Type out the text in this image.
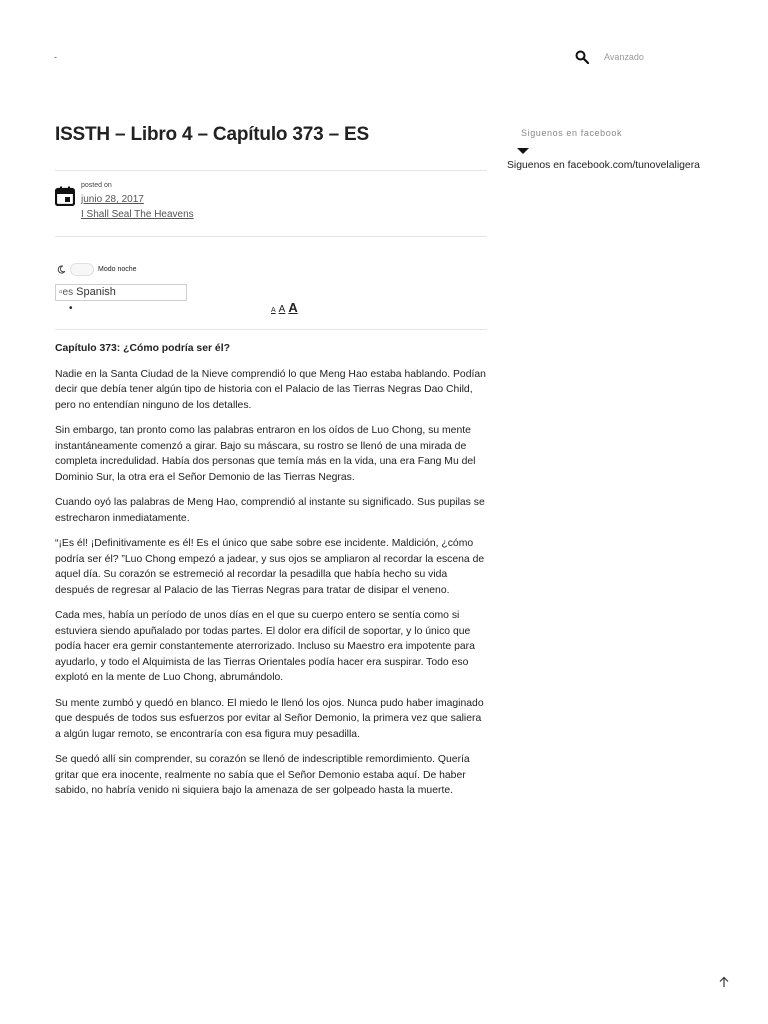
-	Avanzado
ISSTH – Libro 4 – Capítulo 373 – ES
posted on
junio 28, 2017
I Shall Seal The Heavens
Modo noche
▫es Spanish
•	A A A
Capítulo 373: ¿Cómo podría ser él?

Nadie en la Santa Ciudad de la Nieve comprendió lo que Meng Hao estaba hablando. Podían decir que debía tener algún tipo de historia con el Palacio de las Tierras Negras Dao Child, pero no entendían ninguno de los detalles.

Sin embargo, tan pronto como las palabras entraron en los oídos de Luo Chong, su mente instantáneamente comenzó a girar. Bajo su máscara, su rostro se llenó de una mirada de completa incredulidad. Había dos personas que temía más en la vida, una era Fang Mu del Dominio Sur, la otra era el Señor Demonio de las Tierras Negras.

Cuando oyó las palabras de Meng Hao, comprendió al instante su significado. Sus pupilas se estrecharon inmediatamente.

“¡Es él! ¡Definitivamente es él! Es el único que sabe sobre ese incidente. Maldición, ¿cómo podría ser él? ”Luo Chong empezó a jadear, y sus ojos se ampliaron al recordar la escena de aquel día. Su corazón se estremeció al recordar la pesadilla que había hecho su vida después de regresar al Palacio de las Tierras Negras para tratar de disipar el veneno.

Cada mes, había un período de unos días en el que su cuerpo entero se sentía como si estuviera siendo apuñalado por todas partes. El dolor era difícil de soportar, y lo único que podía hacer era gemir constantemente aterrorizado. Incluso su Maestro era impotente para ayudarlo, y todo el Alquimista de las Tierras Orientales podía hacer era suspirar. Todo eso explotó en la mente de Luo Chong, abrumándolo.

Su mente zumbó y quedó en blanco. El miedo le llenó los ojos. Nunca pudo haber imaginado que después de todos sus esfuerzos por evitar al Señor Demonio, la primera vez que saliera a algún lugar remoto, se encontraría con esa figura muy pesadilla.

Se quedó allí sin comprender, su corazón se llenó de indescriptible remordimiento. Quería gritar que era inocente, realmente no sabía que el Señor Demonio estaba aquí. De haber sabido, no habría venido ni siquiera bajo la amenaza de ser golpeado hasta la muerte.

Siguenos en facebook
Siguenos en facebook.com/tunovelaligera
